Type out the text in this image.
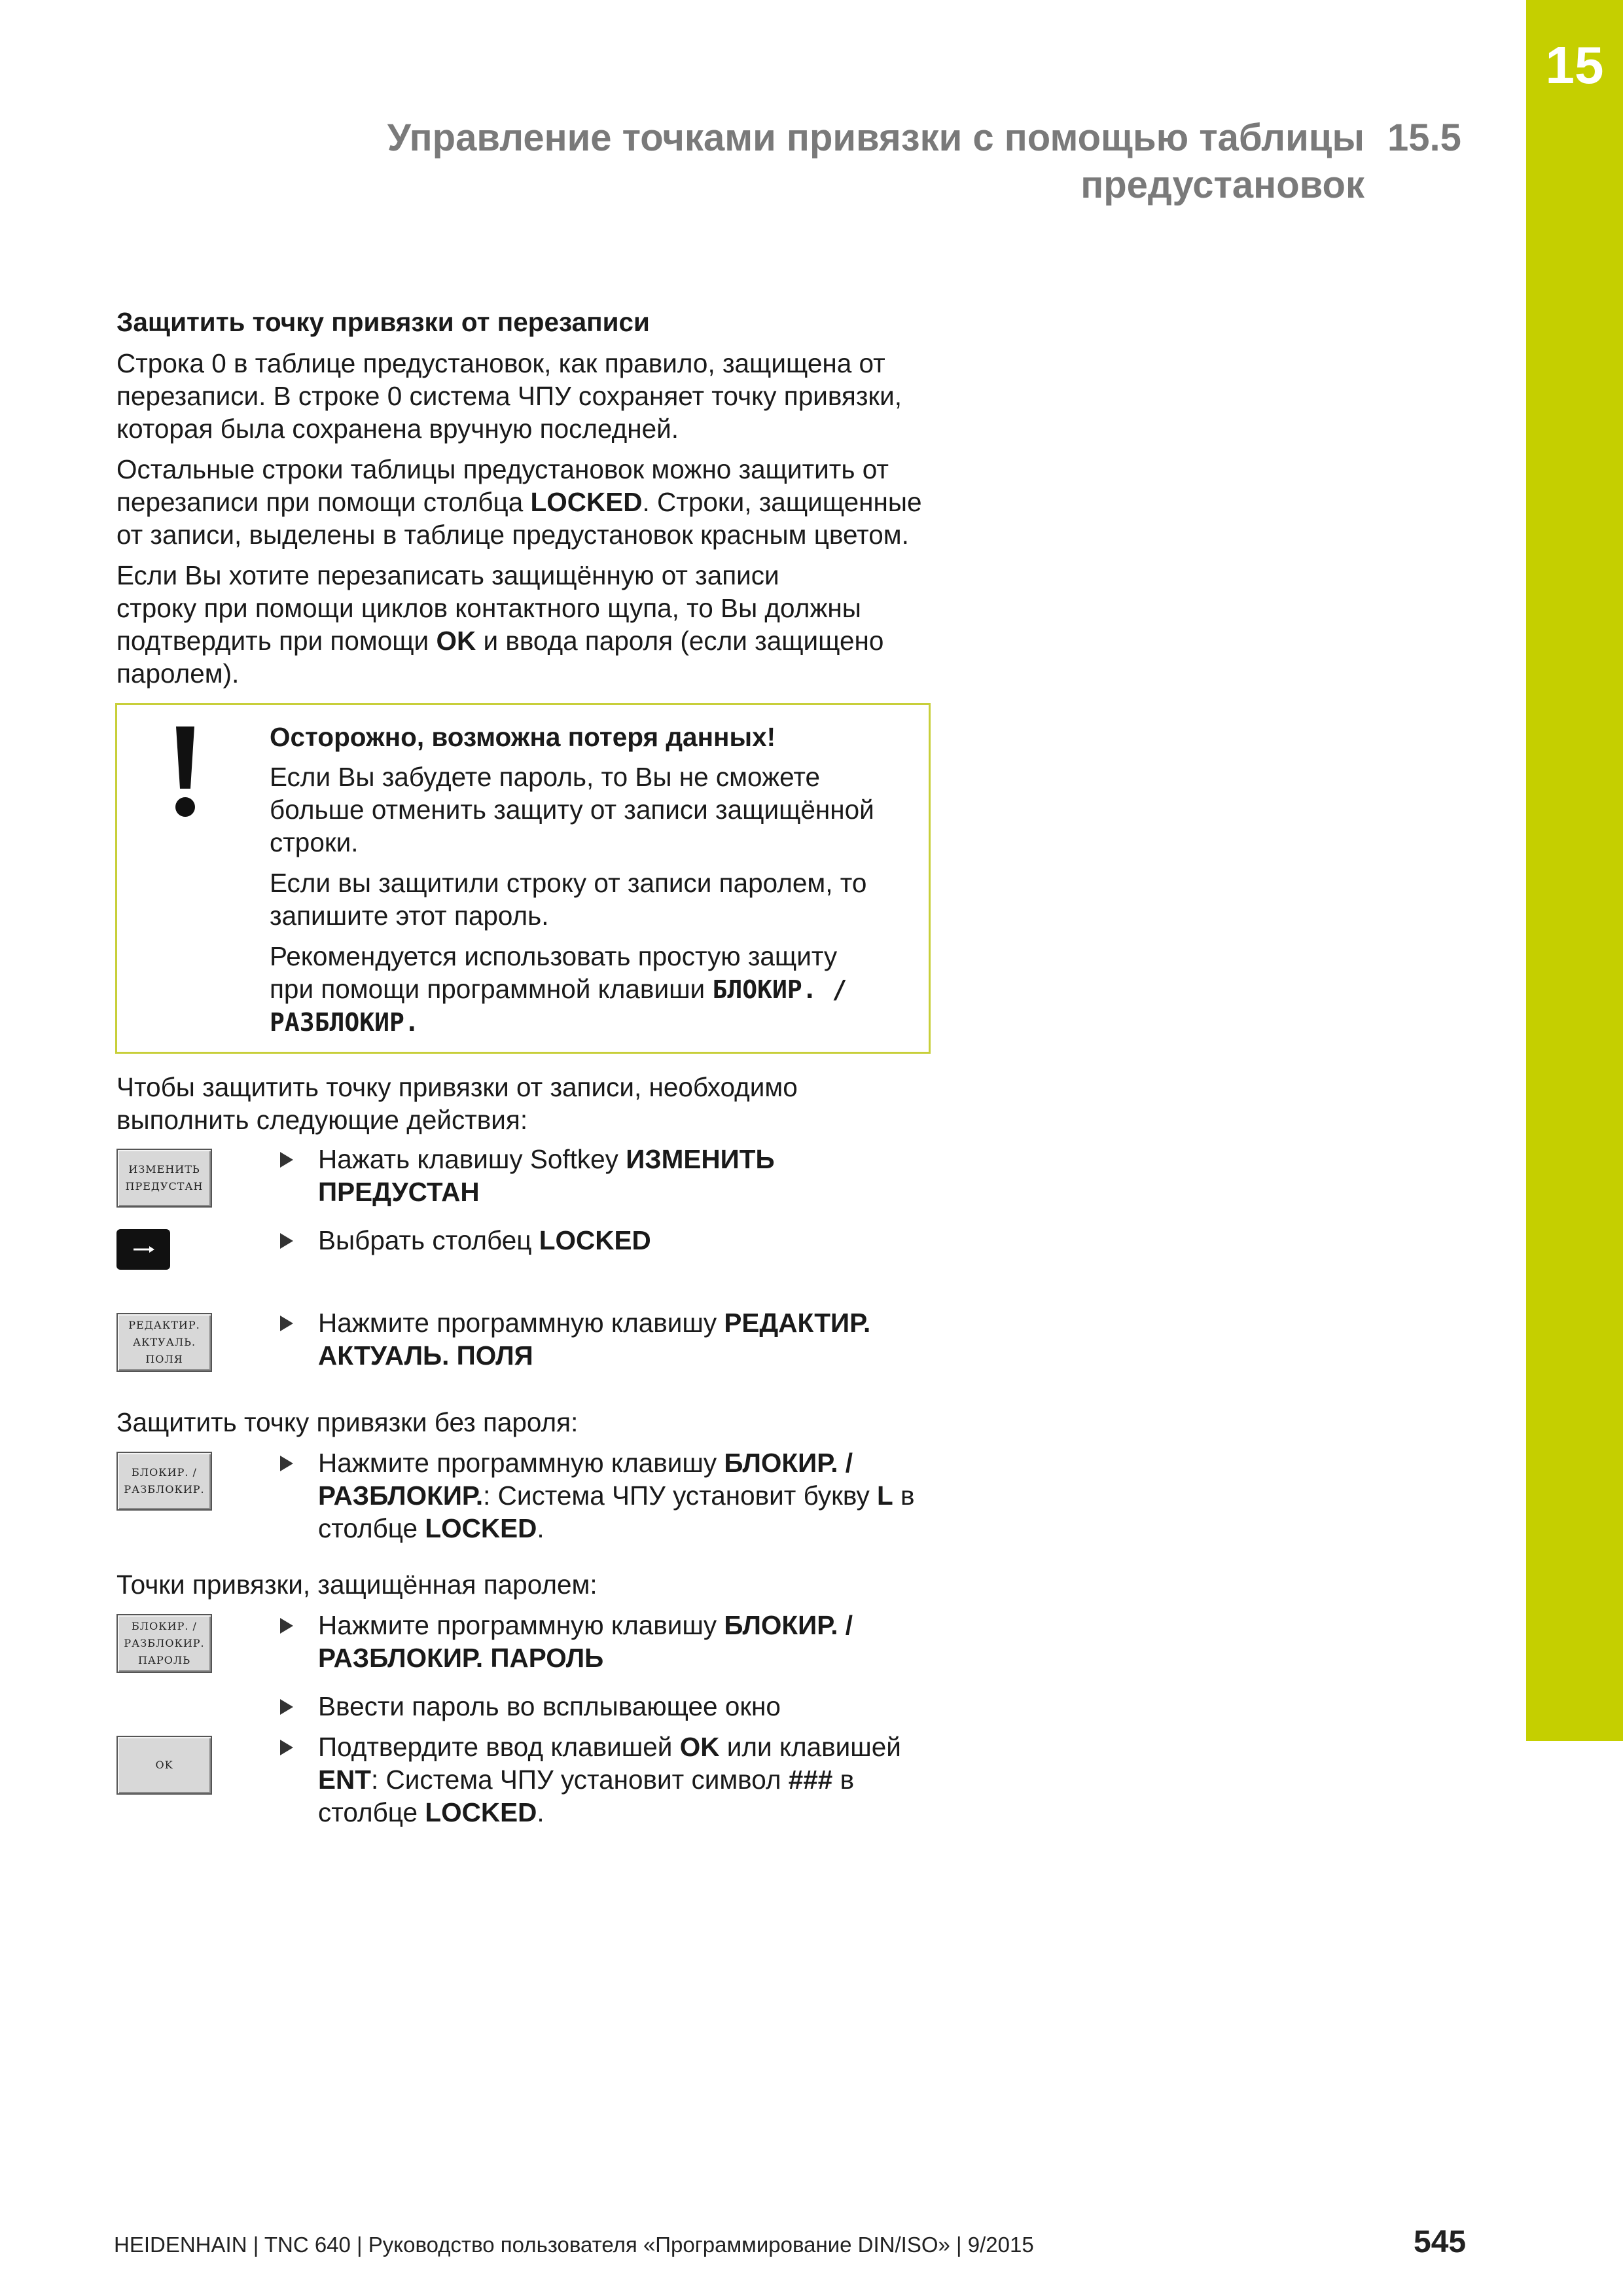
15
Управление точками привязки с помощью таблицы
предустановок
15.5
Защитить точку привязки от перезаписи
Строка 0 в таблице предустановок, как правило, защищена от
перезаписи. В строке 0 система ЧПУ сохраняет точку привязки,
которая была сохранена вручную последней.
Остальные строки таблицы предустановок можно защитить от
перезаписи при помощи столбца LOCKED. Строки, защищенные
от записи, выделены в таблице предустановок красным цветом.
Если Вы хотите перезаписать защищённую от записи
строку при помощи циклов контактного щупа, то Вы должны
подтвердить при помощи OK и ввода пароля (если защищено
паролем).
Осторожно, возможна потеря данных!
Если Вы забудете пароль, то Вы не сможете
больше отменить защиту от записи защищённой
строки.
Если вы защитили строку от записи паролем, то
запишите этот пароль.
Рекомендуется использовать простую защиту
при помощи программной клавиши БЛОКИР. /
РАЗБЛОКИР.
Чтобы защитить точку привязки от записи, необходимо
выполнить следующие действия:
ИЗМЕНИТЬ
ПРЕДУСТАН
Нажать клавишу Softkey ИЗМЕНИТЬ
ПРЕДУСТАН
Выбрать столбец LOCKED
РЕДАКТИР.
АКТУАЛЬ.
ПОЛЯ
Нажмите программную клавишу РЕДАКТИР.
АКТУАЛЬ. ПОЛЯ
Защитить точку привязки без пароля:
БЛОКИР. /
РАЗБЛОКИР.
Нажмите программную клавишу БЛОКИР. /
РАЗБЛОКИР.: Система ЧПУ установит букву L в
столбце LOCKED.
Точки привязки, защищённая паролем:
БЛОКИР. /
РАЗБЛОКИР.
ПАРОЛЬ
Нажмите программную клавишу БЛОКИР. /
РАЗБЛОКИР. ПАРОЛЬ
Ввести пароль во всплывающее окно
OK
Подтвердите ввод клавишей OK или клавишей
ENT: Система ЧПУ установит символ ### в
столбце LOCKED.
HEIDENHAIN | TNC 640 | Руководство пользователя «Программирование DIN/ISO» | 9/2015	545
